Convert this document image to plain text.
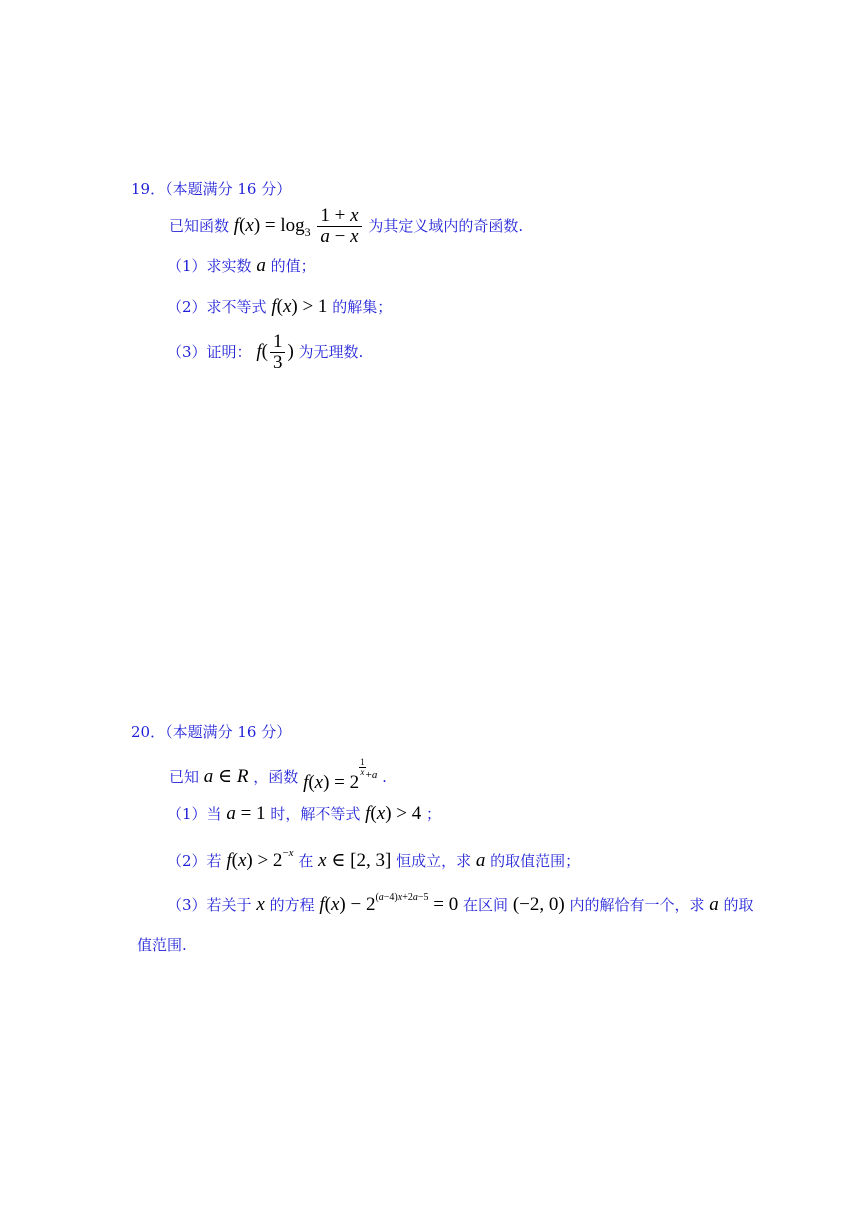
19．（本题满分 16 分）
已知函数 $f(x) = \log_3 \frac{1 + x}{a - x}$ 为其定义域内的奇函数.
（1）求实数 a 的值；
（2）求不等式 f(x) > 1 的解集；
（3）证明： $f( \frac{1}{3}$ ) 为无理数.
20．（本题满分 16 分）
已知 a ∈ R ，函数 f(x) = 2
$\frac{1}{x} ^{+a}$ .
（1）当 a = 1 时，解不等式 f(x) > 4 ；
（2）若 $f(x) > 2^{-x}$ 在 x ∈ [2, 3] 恒成立，求 a 的取值范围；
（3）若关于 x 的方程 $f(x) - 2^{(a-4)x+2a-5} = 0$ 在区间 (−2, 0) 内的解恰有一个，求 a 的取
值范围.
